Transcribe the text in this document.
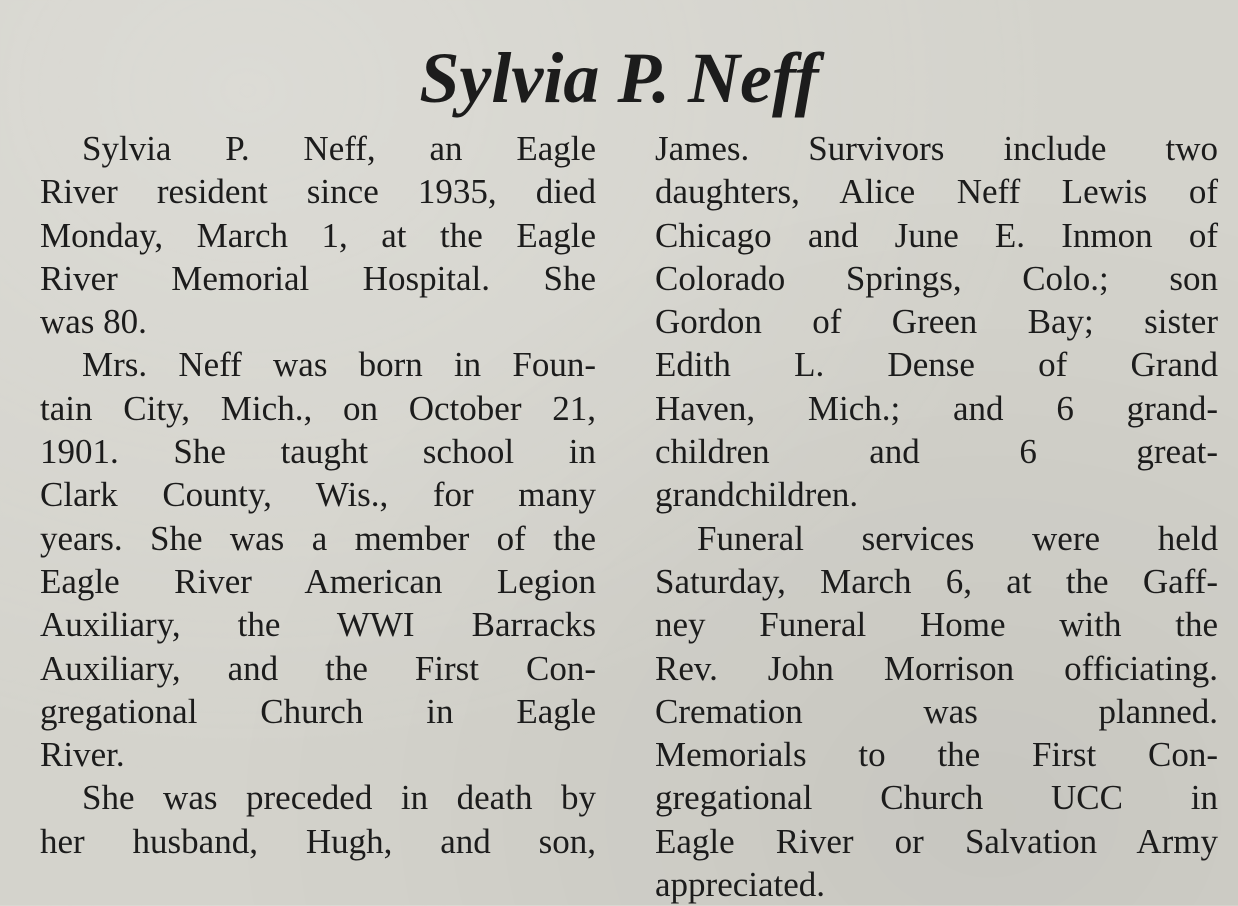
Sylvia P. Neff

Sylvia P. Neff, an Eagle

River resident since 1935, died

Monday, March 1, at the Eagle

River Memorial Hospital. She

was 80.

Mrs. Neff was born in Foun-

tain City, Mich., on October 21,

1901. She taught school in

Clark County, Wis., for many

years. She was a member of the

Eagle River American Legion

Auxiliary, the WWI Barracks

Auxiliary, and the First Con-

gregational Church in Eagle

River.

She was preceded in death by

her husband, Hugh, and son,

James. Survivors include two

daughters, Alice Neff Lewis of

Chicago and June E. Inmon of

Colorado Springs, Colo.; son

Gordon of Green Bay; sister

Edith L. Dense of Grand

Haven, Mich.; and 6 grand-

children and 6 great-

grandchildren.

Funeral services were held

Saturday, March 6, at the Gaff-

ney Funeral Home with the

Rev. John Morrison officiating.

Cremation was planned.

Memorials to the First Con-

gregational Church UCC in

Eagle River or Salvation Army

appreciated.
